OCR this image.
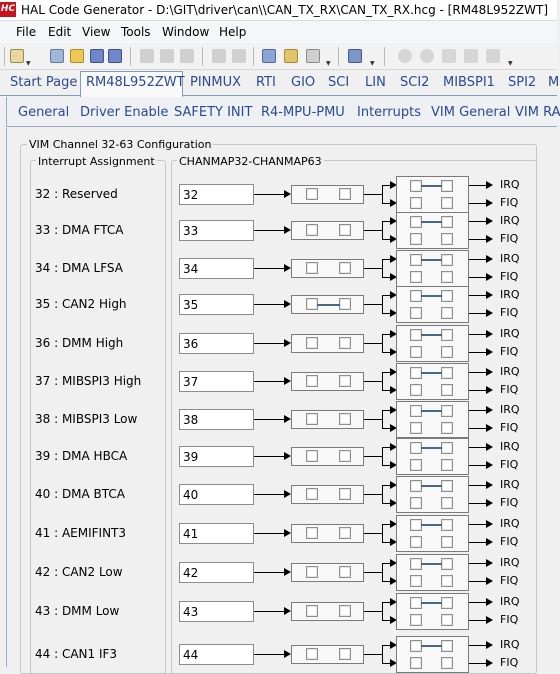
HC HAL Code Generator - D:\GIT\driver\can\\CAN_TX_RX\CAN_TX_RX.hcg - [RM48L952ZWT]
File Edit View Tools Window Help
▼	▼	▼	▼
Start Page RM48L952ZWT PINMUX RTI GIO SCI LIN SCI2 MIBSPI1 SPI2 M
General Driver Enable SAFETY INIT R4-MPU-PMU Interrupts VIM General VIM RA
VIM Channel 32-63 Configuration
Interrupt Assignment CHANMAP32-CHANMAP63
32 : Reserved	32
IRQ
FIQ
33 : DMA FTCA	33
IRQ
FIQ
34 : DMA LFSA	34
IRQ
FIQ
35 : CAN2 High	35
IRQ
FIQ
36 : DMM High	36
IRQ
FIQ
37 : MIBSPI3 High	37
IRQ
FIQ
38 : MIBSPI3 Low	38
IRQ
FIQ
39 : DMA HBCA	39
IRQ
FIQ
40 : DMA BTCA	40
IRQ
FIQ
41 : AEMIFINT3	41
IRQ
FIQ
42 : CAN2 Low	42
IRQ
FIQ
43 : DMM Low	43
IRQ
FIQ
44 : CAN1 IF3	44
IRQ
FIQ
